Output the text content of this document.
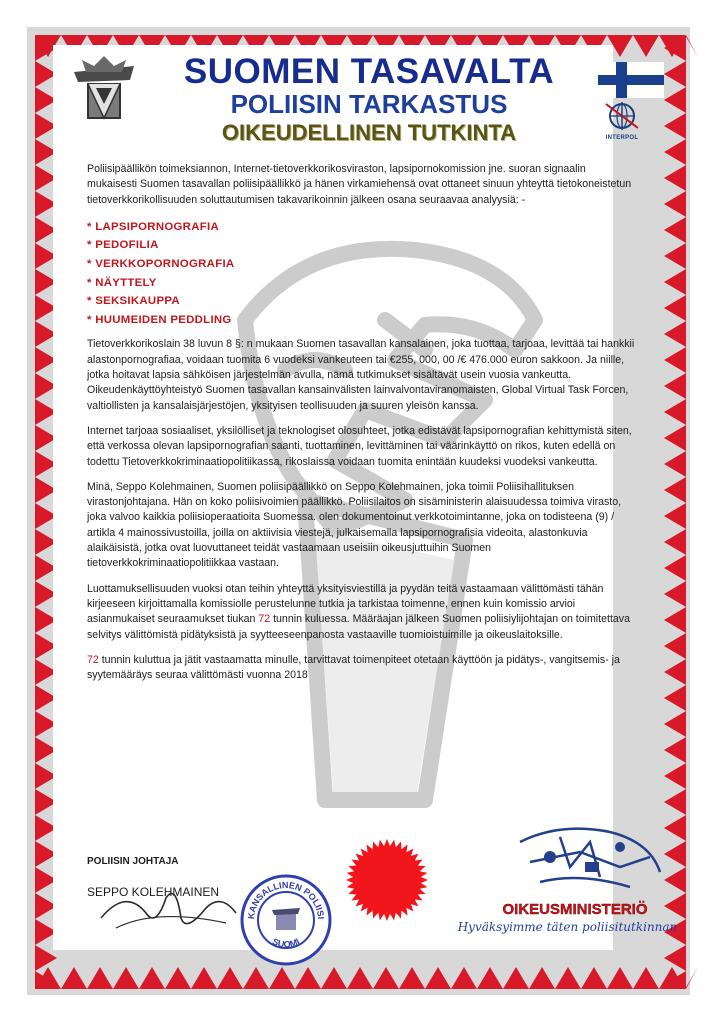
INTERPOL
SUOMEN TASAVALTA
POLIISIN TARKASTUS
OIKEUDELLINEN TUTKINTA

Poliisipäällikön toimeksiannon, Internet-tietoverkkorikosviraston, lapsipornokomission jne. suoran signaalin mukaisesti Suomen tasavallan poliisipäällikkö ja hänen virkamiehensä ovat ottaneet sinuun yhteyttä tietokoneistetun tietoverkkorikollisuuden soluttautumisen takavarikoinnin jälkeen osana seuraavaa analyysiä: -

* LAPSIPORNOGRAFIA
* PEDOFILIA
* VERKKOPORNOGRAFIA
* NÄYTTELY
* SEKSIKAUPPA
* HUUMEIDEN PEDDLING

Tietoverkkorikoslain 38 luvun 8 §: n mukaan Suomen tasavallan kansalainen, joka tuottaa, tarjoaa, levittää tai hankkii alastonpornografiaa, voidaan tuomita 6 vuodeksi vankeuteen tai €255, 000, 00 /€ 476.000 euron sakkoon. Ja niille, jotka hoitavat lapsia sähköisen järjestelmän avulla, nämä tutkimukset sisältävät usein vuosia vankeutta. Oikeudenkäyttöyhteistyö Suomen tasavallan kansainvälisten lainvalvontaviranomaisten, Global Virtual Task Forcen, valtiollisten ja kansalaisjärjestöjen, yksityisen teollisuuden ja suuren yleisön kanssa.

Internet tarjoaa sosiaaliset, yksilölliset ja teknologiset olosuhteet, jotka edistävät lapsipornografian kehittymistä siten, että verkossa olevan lapsipornografian saanti, tuottaminen, levittäminen tai väärinkäyttö on rikos, kuten edellä on todettu Tietoverkkokriminaatiopolitiikassa, rikoslaissa voidaan tuomita enintään kuudeksi vuodeksi vankeutta.

Minä, Seppo Kolehmainen, Suomen poliisipäällikkö on Seppo Kolehmainen, joka toimii Poliisihallituksen virastonjohtajana. Hän on koko poliisivoimien päällikkö. Poliisilaitos on sisäministerin alaisuudessa toimiva virasto, joka valvoo kaikkia poliisioperaatioita Suomessa. olen dokumentoinut verkkotoimintanne, joka on todisteena (9) / artikla 4 mainossivustoilla, joilla on aktiivisia viestejä, julkaisemalla lapsipornografisia videoita, alastonkuvia alaikäisistä, jotka ovat luovuttaneet teidät vastaamaan useisiin oikeusjuttuihin Suomen tietoverkkokriminaatiopolitiikkaa vastaan.

Luottamuksellisuuden vuoksi otan teihin yhteyttä yksityisviestillä ja pyydän teitä vastaamaan välittömästi tähän kirjeeseen kirjoittamalla komissiolle perustelunne tutkia ja tarkistaa toimenne, ennen kuin komissio arvioi asianmukaiset seuraamukset tiukan 72 tunnin kuluessa. Määräajan jälkeen Suomen poliisiylijohtajan on toimitettava selvitys välittömistä pidätyksistä ja syytteeseenpanosta vastaaville tuomioistuimille ja oikeuslaitoksille.

72 tunnin kuluttua ja jätit vastaamatta minulle, tarvittavat toimenpiteet otetaan käyttöön ja pidätys-, vangitsemis- ja syytemääräys seuraa välittömästi vuonna 2018

POLIISIN JOHTAJA
SEPPO KOLEHMAINEN
KANSALLINEN POLIISI
SUOMI
OIKEUSMINISTERIÖ
Hyväksyimme täten poliisitutkinnan
